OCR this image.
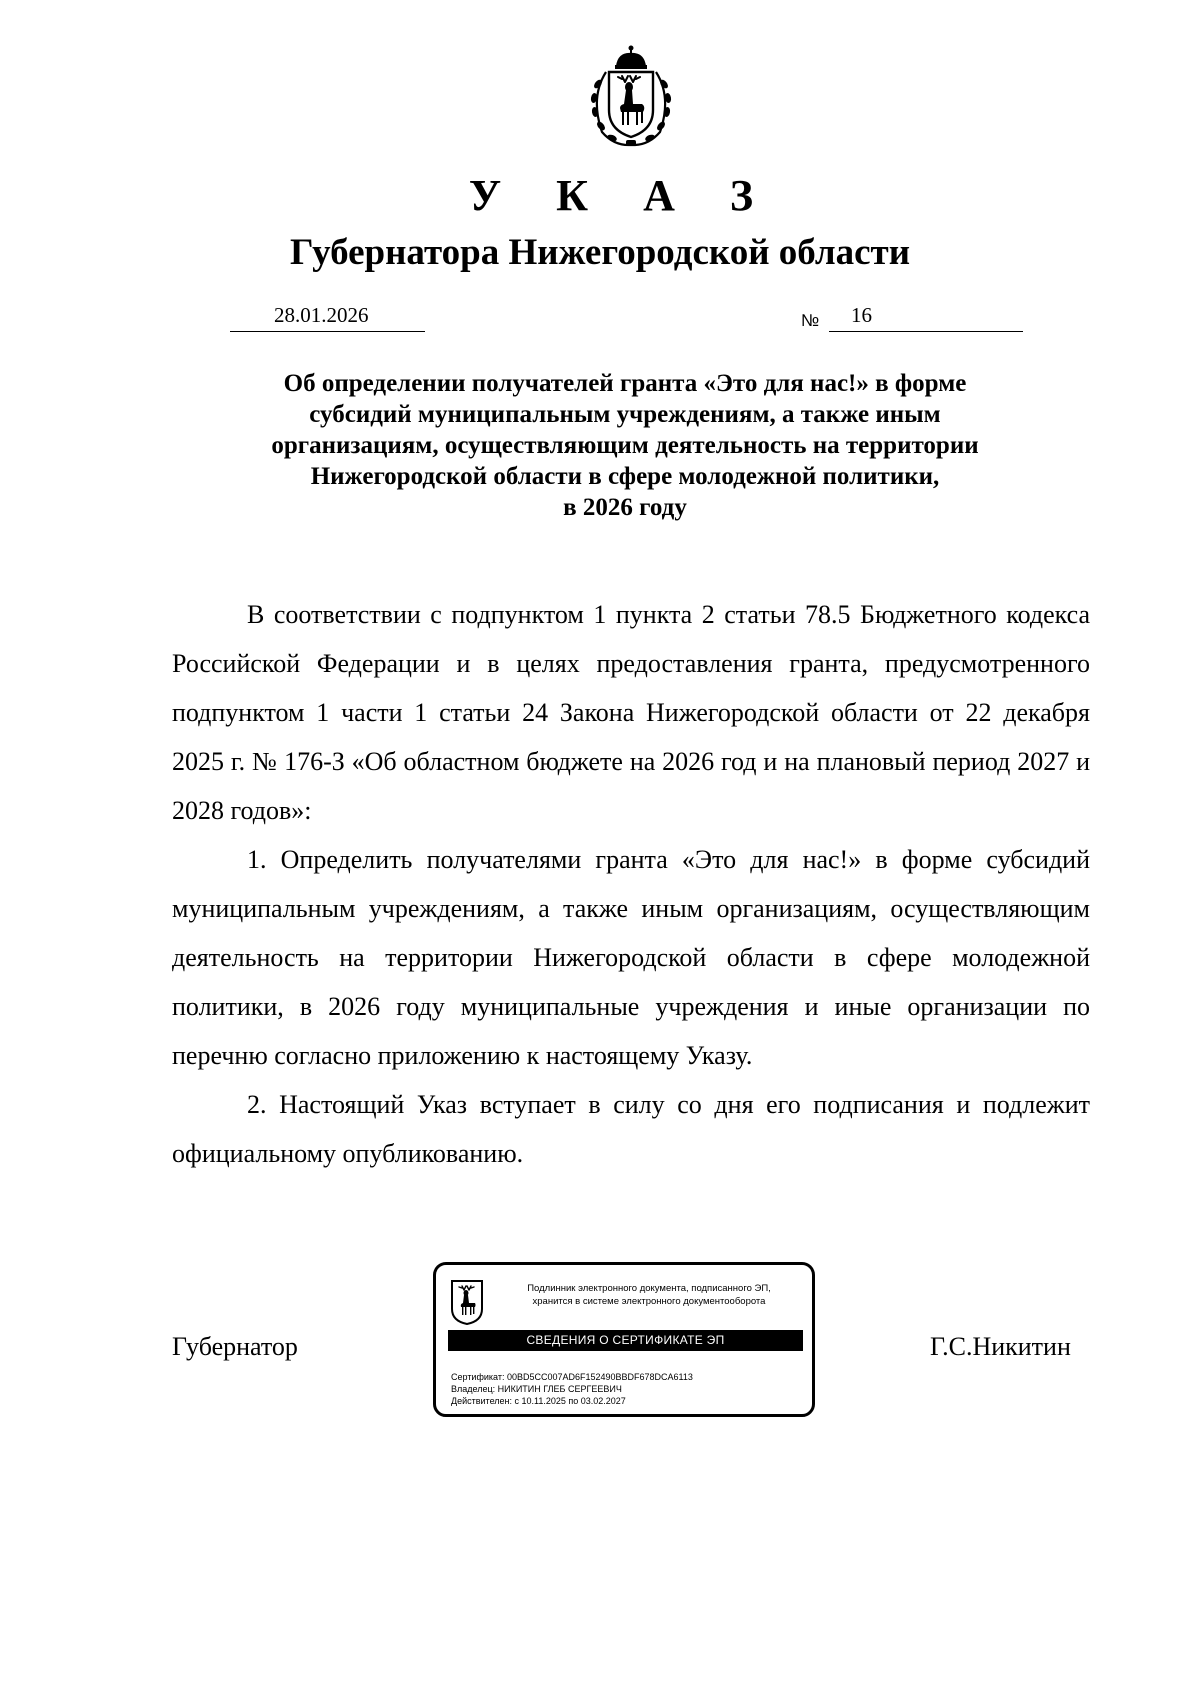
У К А З
Губернатора Нижегородской области
28.01.2026	№ 16
Об определении получателей гранта «Это для нас!» в форме
субсидий муниципальным учреждениям, а также иным
организациям, осуществляющим деятельность на территории
Нижегородской области в сфере молодежной политики,
в 2026 году

В соответствии с подпунктом 1 пункта 2 статьи 78.5 Бюджетного кодекса Российской Федерации и в целях предоставления гранта, предусмотренного подпунктом 1 части 1 статьи 24 Закона Нижегородской области от 22 декабря 2025 г. № 176-З «Об областном бюджете на 2026 год и на плановый период 2027 и 2028 годов»:

1. Определить получателями гранта «Это для нас!» в форме субсидий муниципальным учреждениям, а также иным организациям, осуществляющим деятельность на территории Нижегородской области в сфере молодежной политики, в 2026 году муниципальные учреждения и иные организации по перечню согласно приложению к настоящему Указу.

2. Настоящий Указ вступает в силу со дня его подписания и подлежит официальному опубликованию.

Губернатор	Г.С.Никитин
Подлинник электронного документа, подписанного ЭП,
хранится в системе электронного документооборота
СВЕДЕНИЯ О СЕРТИФИКАТЕ ЭП
Сертификат: 00BD5CC007AD6F152490BBDF678DCA6113
Владелец: НИКИТИН ГЛЕБ СЕРГЕЕВИЧ
Действителен: с 10.11.2025 по 03.02.2027
